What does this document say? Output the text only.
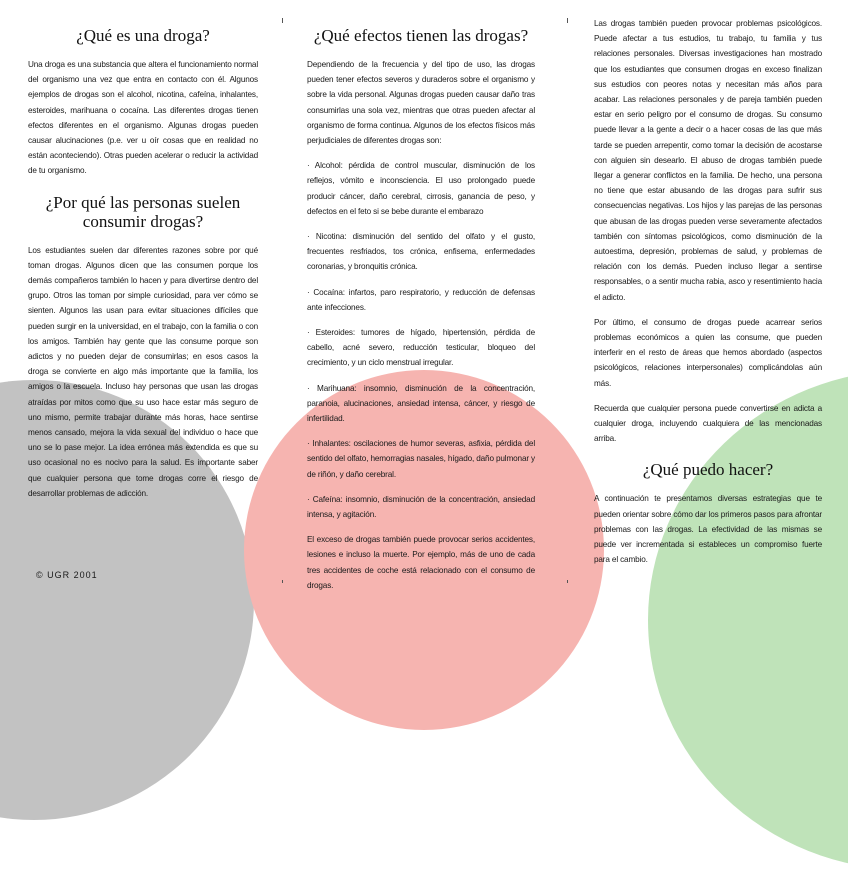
¿Qué es una droga?

Una droga es una substancia que altera el funcionamiento normal del organismo una vez que entra en contacto con él. Algunos ejemplos de drogas son el alcohol, nicotina, cafeína, inhalantes, esteroides, marihuana o cocaína. Las diferentes drogas tienen efectos diferentes en el organismo. Algunas drogas pueden causar alucinaciones (p.e. ver u oír cosas que en realidad no están aconteciendo). Otras pueden acelerar o reducir la actividad de tu organismo.

¿Por qué las personas suelen consumir drogas?

Los estudiantes suelen dar diferentes razones sobre por qué toman drogas. Algunos dicen que las consumen porque los demás compañeros también lo hacen y para divertirse dentro del grupo. Otros las toman por simple curiosidad, para ver cómo se sienten. Algunos las usan para evitar situaciones difíciles que pueden surgir en la universidad, en el trabajo, con la familia o con los amigos. También hay gente que las consume porque son adictos y no pueden dejar de consumirlas; en esos casos la droga se convierte en algo más importante que la familia, los amigos o la escuela. Incluso hay personas que usan las drogas atraídas por mitos como que su uso hace estar más seguro de uno mismo, permite trabajar durante más horas, hace sentirse menos cansado, mejora la vida sexual del individuo o hace que uno se lo pase mejor. La idea errónea más extendida es que su uso ocasional no es nocivo para la salud. Es importante saber que cualquier persona que tome drogas corre el riesgo de desarrollar problemas de adicción.

¿Qué efectos tienen las drogas?

Dependiendo de la frecuencia y del tipo de uso, las drogas pueden tener efectos severos y duraderos sobre el organismo y sobre la vida personal. Algunas drogas pueden causar daño tras consumirlas una sola vez, mientras que otras pueden afectar al organismo de forma continua. Algunos de los efectos físicos más perjudiciales de diferentes drogas son:

· Alcohol: pérdida de control muscular, disminución de los reflejos, vómito e inconsciencia. El uso prolongado puede producir cáncer, daño cerebral, cirrosis, ganancia de peso, y defectos en el feto si se bebe durante el embarazo

· Nicotina: disminución del sentido del olfato y el gusto, frecuentes resfriados, tos crónica, enfisema, enfermedades coronarias, y bronquitis crónica.

· Cocaína: infartos, paro respiratorio, y reducción de defensas ante infecciones.

· Esteroides: tumores de hígado, hipertensión, pérdida de cabello, acné severo, reducción testicular, bloqueo del crecimiento, y un ciclo menstrual irregular.

· Marihuana: insomnio, disminución de la concentración, paranoia, alucinaciones, ansiedad intensa, cáncer, y riesgo de infertilidad.

· Inhalantes: oscilaciones de humor severas, asfixia, pérdida del sentido del olfato, hemorragias nasales, hígado, daño pulmonar y de riñón, y daño cerebral.

· Cafeína: insomnio, disminución de la concentración, ansiedad intensa, y agitación.

El exceso de drogas también puede provocar serios accidentes, lesiones e incluso la muerte. Por ejemplo, más de uno de cada tres accidentes de coche está relacionado con el consumo de drogas.

Las drogas también pueden provocar problemas psicológicos. Puede afectar a tus estudios, tu trabajo, tu familia y tus relaciones personales. Diversas investigaciones han mostrado que los estudiantes que consumen drogas en exceso finalizan sus estudios con peores notas y necesitan más años para acabar. Las relaciones personales y de pareja también pueden estar en serio peligro por el consumo de drogas. Su consumo puede llevar a la gente a decir o a hacer cosas de las que más tarde se pueden arrepentir, como tomar la decisión de acostarse con alguien sin desearlo. El abuso de drogas también puede llegar a generar conflictos en la familia. De hecho, una persona no tiene que estar abusando de las drogas para sufrir sus consecuencias negativas. Los hijos y las parejas de las personas que abusan de las drogas pueden verse severamente afectados también con síntomas psicológicos, como disminución de la autoestima, depresión, problemas de salud, y problemas de relación con los demás. Pueden incluso llegar a sentirse responsables, o a sentir mucha rabia, asco y resentimiento hacia el adicto.

Por último, el consumo de drogas puede acarrear serios problemas económicos a quien las consume, que pueden interferir en el resto de áreas que hemos abordado (aspectos psicológicos, relaciones interpersonales) complicándolas aún más.

Recuerda que cualquier persona puede convertirse en adicta a cualquier droga, incluyendo cualquiera de las mencionadas arriba.

¿Qué puedo hacer?

A continuación te presentamos diversas estrategias que te pueden orientar sobre cómo dar los primeros pasos para afrontar problemas con las drogas. La efectividad de las mismas se puede ver incrementada si estableces un compromiso fuerte para el cambio.

© UGR 2001
